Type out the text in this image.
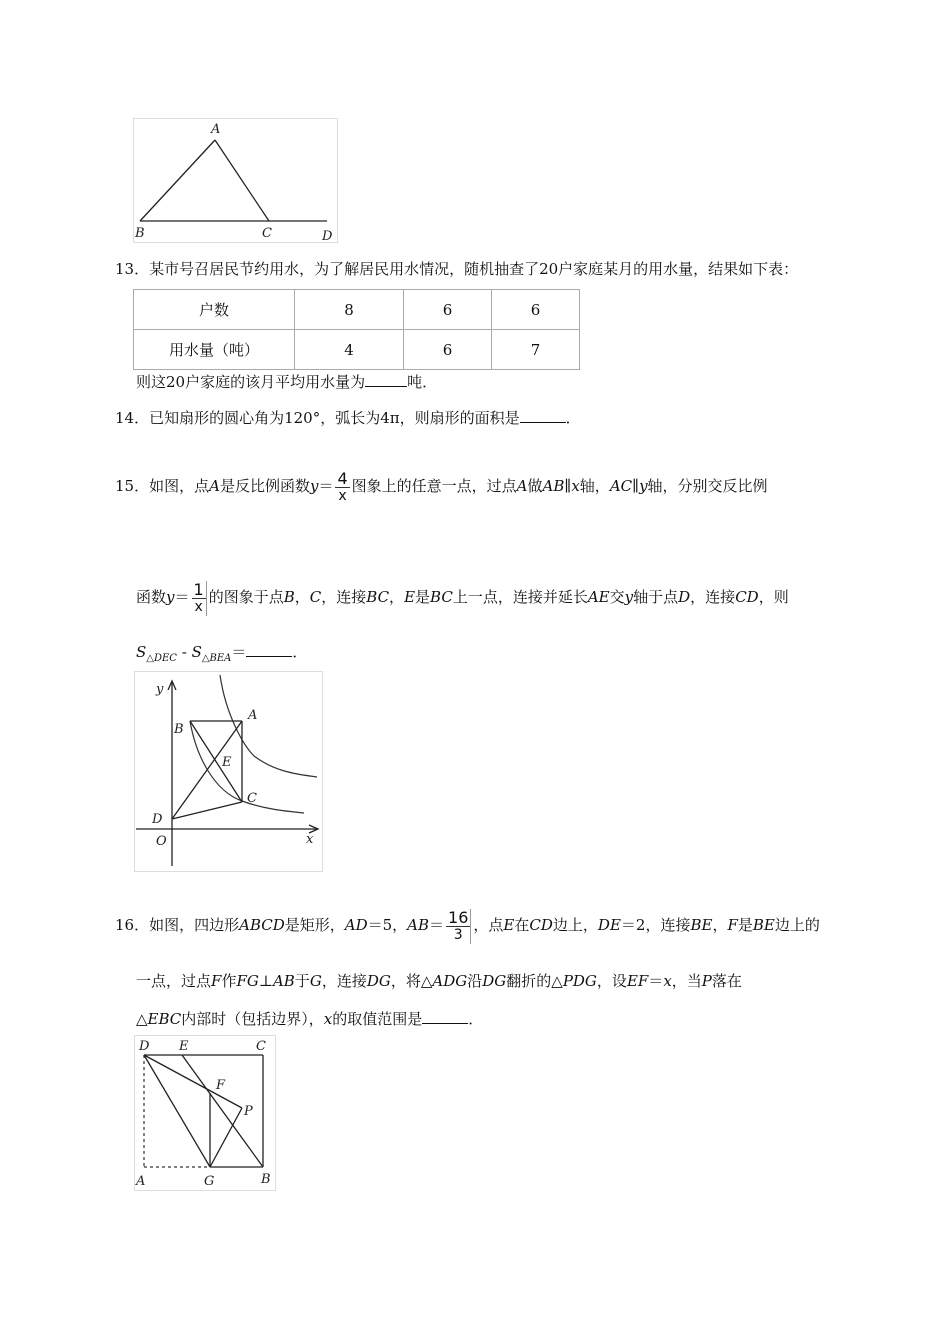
A
B	C	D
13．某市号召居民节约用水，为了解居民用水情况，随机抽查了20户家庭某月的用水量，结果如下表：
户数	8	6	6
用水量（吨）	4	6	7
则这20户家庭的该月平均用水量为	吨．
14．已知扇形的圆心角为120°，弧长为4π，则扇形的面积是	．
15．如图，点A是反比例函数$y= \frac{4}{x}$ 图象上的任意一点，过点A做AB∥x轴，AC∥y轴，分别交反比例
函数$y= \frac{1}{x}$ 的图象于点B，C，连接BC，E是BC上一点，连接并延长AE交y轴于点D，连接CD，则
$S_{\triangle DEC} - S_{\triangle BEA}=$	．
y
A
B
E
C
D
O	x
16．如图，四边形ABCD是矩形，AD＝5，$AB= \frac{16}{3}$ ，点E在CD边上，DE＝2，连接BE，F是BE边上的
一点，过点F作FG⊥AB于G，连接DG，将△ADG沿DG翻折的△PDG，设EF＝x，当P落在
△EBC内部时（包括边界），x的取值范围是	．
D E	C
F
P
A	G	B
